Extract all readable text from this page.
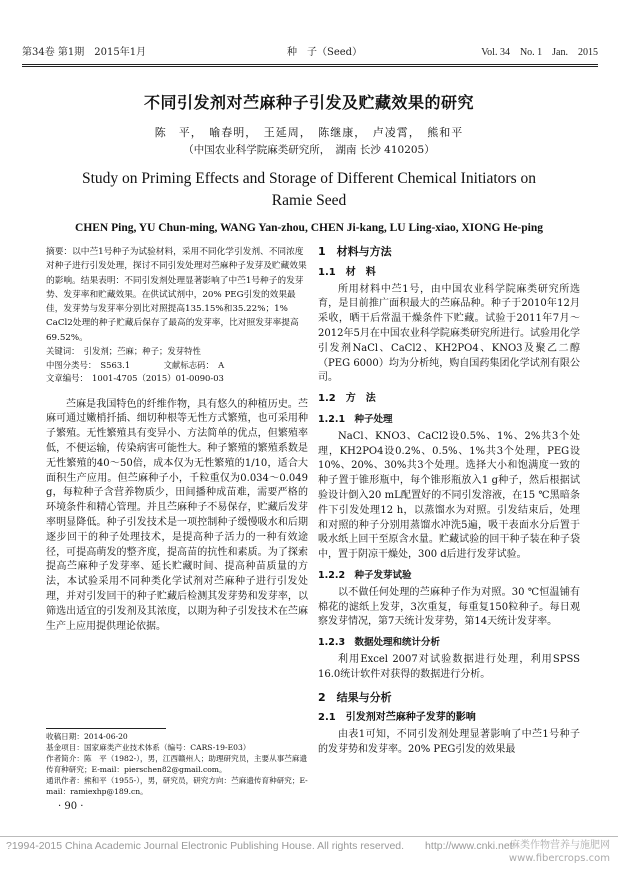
第34卷 第1期　2015年1月	种　子（Seed）	Vol. 34　No. 1　Jan.　2015
不同引发剂对苎麻种子引发及贮藏效果的研究
陈　平，　喻春明，　王延周，　陈继康，　卢凌霄，　熊和平
（中国农业科学院麻类研究所，　湖南 长沙 410205）
Study on Priming Effects and Storage of Different Chemical Initiators on
Ramie Seed
CHEN Ping, YU Chun-ming, WANG Yan-zhou, CHEN Ji-kang, LU Ling-xiao, XIONG He-ping

摘要：以中苎1号种子为试验材料，采用不同化学引发剂、不同浓度对种子进行引发处理，探讨不同引发处理对苎麻种子发芽及贮藏效果的影响。结果表明：不同引发剂处理显著影响了中苎1号种子的发芽势、发芽率和贮藏效果。在供试试剂中，20% PEG引发的效果最佳，发芽势与发芽率分别比对照提高135.15%和35.22%；1% CaCl2处理的种子贮藏后保存了最高的发芽率，比对照发芽率提高69.52%。

关键词：　引发剂；苎麻；种子；发芽特性

中图分类号：　S563.1　　　　文献标志码：　A

文章编号：　1001-4705（2015）01-0090-03

苎麻是我国特色的纤维作物，具有悠久的种植历史。苎麻可通过嫩梢扦插、细切种根等无性方式繁殖，也可采用种子繁殖。无性繁殖具有变异小、方法简单的优点，但繁殖率低，不便运输，传染病害可能性大。种子繁殖的繁殖系数是无性繁殖的40～50倍，成本仅为无性繁殖的1/10，适合大面积生产应用。但苎麻种子小，千粒重仅为0.034～0.049 g，每粒种子含营养物质少，田间播种成苗难，需要严格的环境条件和精心管理。并且苎麻种子不易保存，贮藏后发芽率明显降低。种子引发技术是一项控制种子缓慢吸水和后期逐步回干的种子处理技术，是提高种子活力的一种有效途径，可提高萌发的整齐度，提高苗的抗性和素质。为了探索提高苎麻种子发芽率、延长贮藏时间、提高种苗质量的方法，本试验采用不同种类化学试剂对苎麻种子进行引发处理，并对引发回干的种子贮藏后检测其发芽势和发芽率，以筛选出适宜的引发剂及其浓度，以期为种子引发技术在苎麻生产上应用提供理论依据。

收稿日期：2014-06-20

基金项目：国家麻类产业技术体系（编号：CARS-19-E03）

作者简介：陈　平（1982-），男，江西赣州人；助理研究员，主要从事苎麻遗传育种研究；E-mail：pierschen82@gmail.com。

通讯作者：熊和平（1955-），男，研究员，研究方向：苎麻遗传育种研究；E-mail：ramiexhp@189.cn。

· 90 ·
1　材料与方法
1.1　材　料

所用材料中苎1号，由中国农业科学院麻类研究所选育，是目前推广面积最大的苎麻品种。种子于2010年12月采收，晒干后常温干燥条件下贮藏。试验于2011年7月～2012年5月在中国农业科学院麻类研究所进行。试验用化学引发剂NaCl、CaCl2、KH2PO4、KNO3及聚乙二醇（PEG 6000）均为分析纯，购自国药集团化学试剂有限公司。

1.2　方　法
1.2.1　种子处理

NaCl、KNO3、CaCl2设0.5%、1%、2%共3个处理，KH2PO4设0.2%、0.5%、1%共3个处理，PEG设10%、20%、30%共3个处理。选择大小和饱满度一致的种子置于锥形瓶中，每个锥形瓶放入1 g种子，然后根据试验设计倒入20 mL配置好的不同引发溶液，在15 ℃黑暗条件下引发处理12 h，以蒸馏水为对照。引发结束后，处理和对照的种子分别用蒸馏水冲洗5遍，吸干表面水分后置于吸水纸上回干至原含水量。贮藏试验的回干种子装在种子袋中，置于阴凉干燥处，300 d后进行发芽试验。

1.2.2　种子发芽试验

以不做任何处理的苎麻种子作为对照。30 ℃恒温铺有棉花的滤纸上发芽，3次重复，每重复150粒种子。每日观察发芽情况，第7天统计发芽势，第14天统计发芽率。

1.2.3　数据处理和统计分析

利用Excel 2007对试验数据进行处理，利用SPSS 16.0统计软件对获得的数据进行分析。

2　结果与分析
2.1　引发剂对苎麻种子发芽的影响

由表1可知，不同引发剂处理显著影响了中苎1号种子的发芽势和发芽率。20% PEG引发的效果最

?1994-2015 China Academic Journal Electronic Publishing House. All rights reserved.　　http://www.cnki.net
麻类作物营养与施肥网
www.fibercrops.com
